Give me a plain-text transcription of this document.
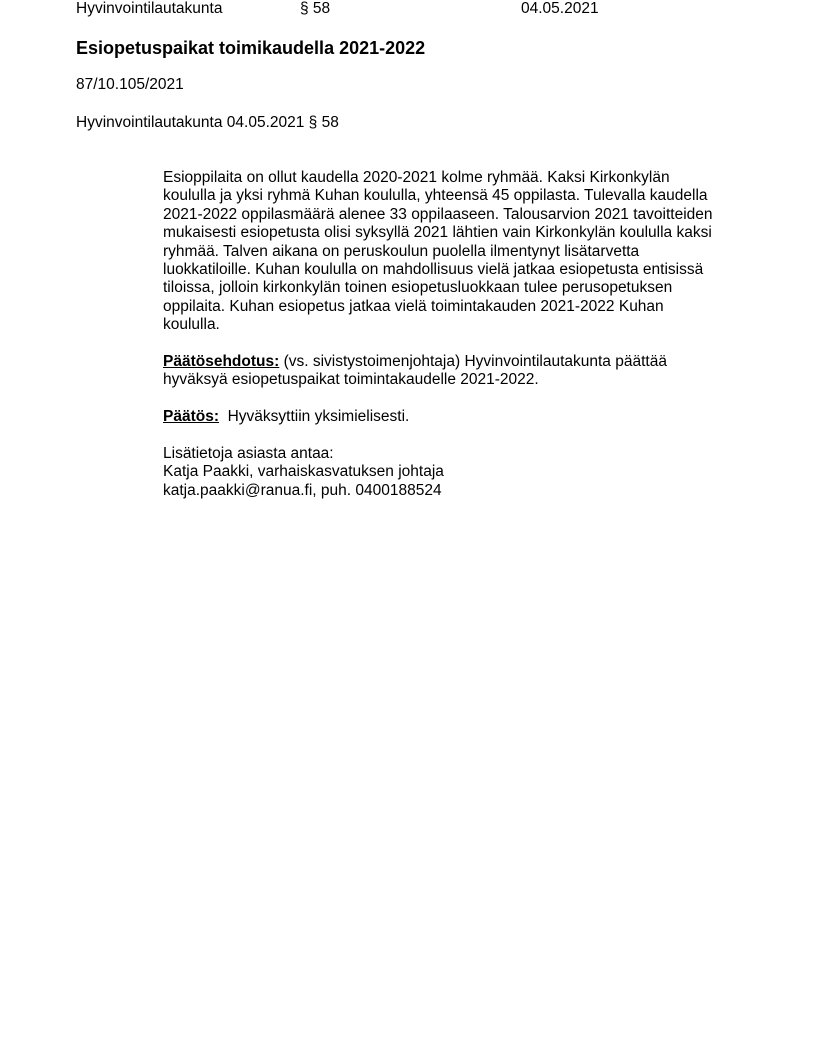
Hyvinvointilautakunta	§ 58	04.05.2021
Esiopetuspaikat toimikaudella 2021-2022
87/10.105/2021
Hyvinvointilautakunta 04.05.2021 § 58

Esioppilaita on ollut kaudella 2020-2021 kolme ryhmää. Kaksi Kirkonkylän
koululla ja yksi ryhmä Kuhan koululla, yhteensä 45 oppilasta. Tulevalla kaudella
2021-2022 oppilasmäärä alenee 33 oppilaaseen. Talousarvion 2021 tavoitteiden
mukaisesti esiopetusta olisi syksyllä 2021 lähtien vain Kirkonkylän koululla kaksi
ryhmää. Talven aikana on peruskoulun puolella ilmentynyt lisätarvetta
luokkatiloille. Kuhan koululla on mahdollisuus vielä jatkaa esiopetusta entisissä
tiloissa, jolloin kirkonkylän toinen esiopetusluokkaan tulee perusopetuksen
oppilaita. Kuhan esiopetus jatkaa vielä toimintakauden 2021-2022 Kuhan
koululla.

Päätösehdotus: (vs. sivistystoimenjohtaja) Hyvinvointilautakunta päättää
hyväksyä esiopetuspaikat toimintakaudelle 2021-2022.

Päätös:  Hyväksyttiin yksimielisesti.

Lisätietoja asiasta antaa:
Katja Paakki, varhaiskasvatuksen johtaja
katja.paakki@ranua.fi, puh. 0400188524
